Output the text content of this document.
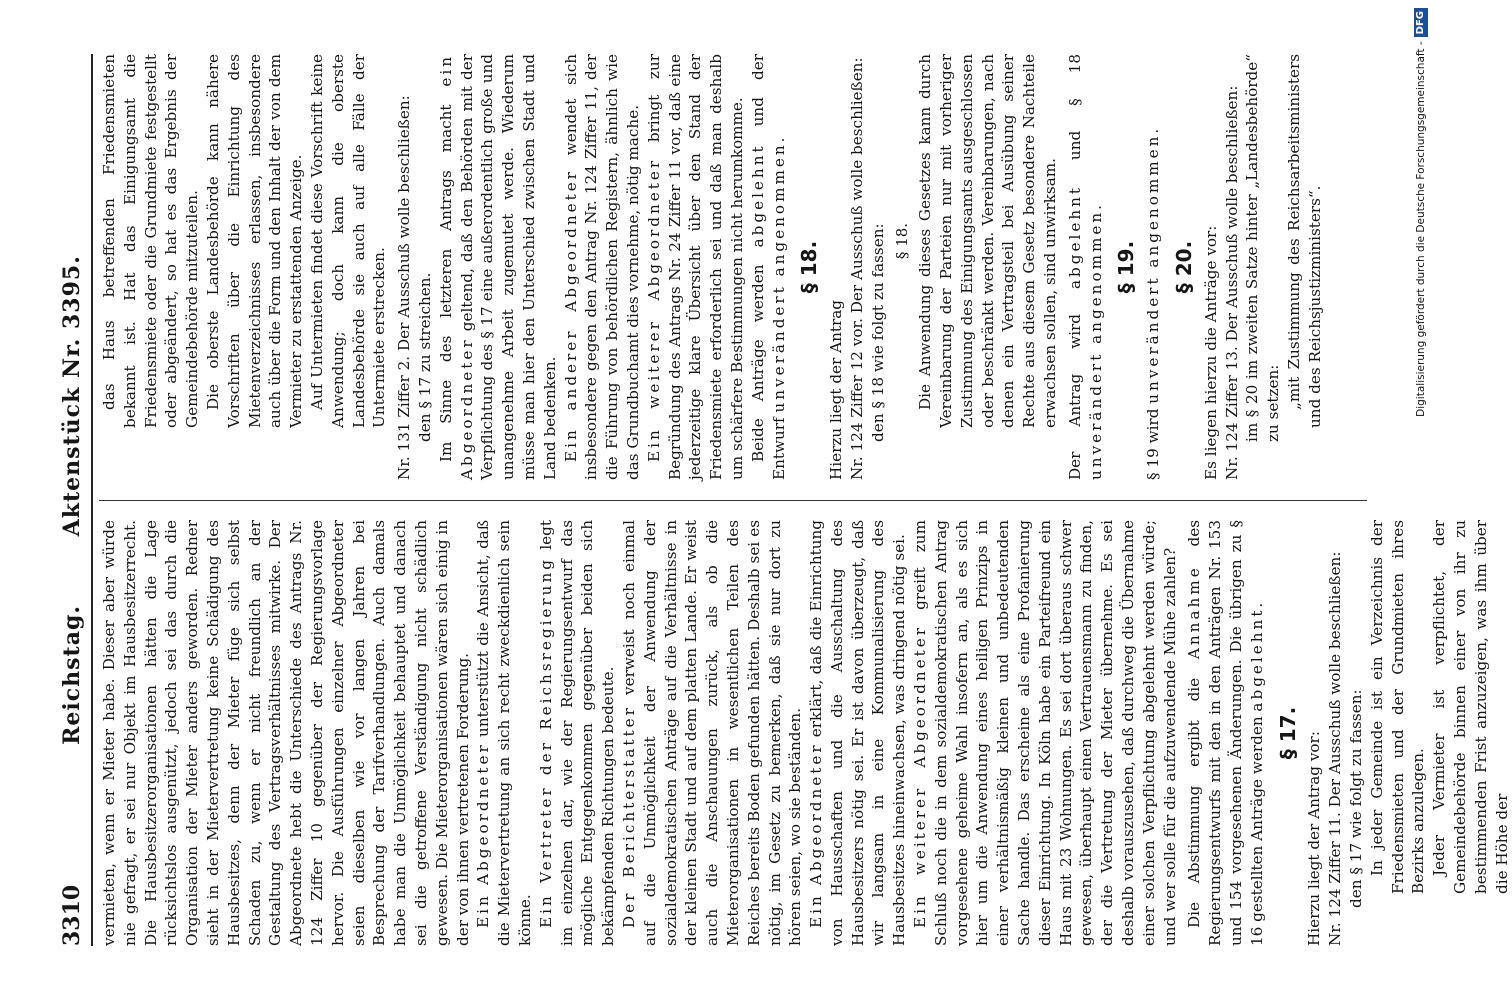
3310
Reichstag. Aktenstück Nr. 3395.

vermieten, wenn er Mieter habe. Dieser aber würde nie gefragt, er sei nur Objekt im Hausbesitzerrecht. Die Hausbesitzerorganisationen hätten die Lage rücksichtslos ausgenützt, jedoch sei das durch die Organisation der Mieter anders geworden. Redner sieht in der Mietervertretung keine Schädigung des Hausbesitzes, denn der Mieter füge sich selbst Schaden zu, wenn er nicht freundlich an der Gestaltung des Vertragsverhältnisses mitwirke. Der Abgeordnete hebt die Unterschiede des Antrags Nr. 124 Ziffer 10 gegenüber der Regierungsvorlage hervor. Die Ausführungen einzelner Abgeordneter seien dieselben wie vor langen Jahren bei Besprechung der Tarifverhandlungen. Auch damals habe man die Unmöglichkeit behauptet und danach sei die getroffene Verständigung nicht schädlich gewesen. Die Mieterorganisationen wären sich einig in der von ihnen vertretenen Forderung. Ein Abgeordneter unterstützt die Ansicht, daß die Mietervertretung an sich recht zweckdienlich sein könne. Ein Vertreter der Reichsregierung legt im einzelnen dar, wie der Regierungsentwurf das mögliche Entgegenkommen gegenüber beiden sich bekämpfenden Richtungen bedeute. Der Berichterstatter verweist noch einmal auf die Unmöglichkeit der Anwendung der sozialdemokratischen Anträge auf die Verhältnisse in der kleinen Stadt und auf dem platten Lande. Er weist auch die Anschauungen zurück, als ob die Mieterorganisationen in wesentlichen Teilen des Reiches bereits Boden gefunden hätten. Deshalb sei es nötig, im Gesetz zu bemerken, daß sie nur dort zu hören seien, wo sie beständen. Ein Abgeordneter erklärt, daß die Einrichtung von Hausschaften und die Ausschaltung des Hausbesitzers nötig sei. Er ist davon überzeugt, daß wir langsam in eine Kommunalisierung des Hausbesitzes hineinwachsen, was dringend nötig sei. Ein weiterer Abgeordneter greift zum Schluß noch die in dem sozialdemokratischen Antrag vorgesehene geheime Wahl insofern an, als es sich hier um die Anwendung eines heiligen Prinzips in einer verhältnismäßig kleinen und unbedeutenden Sache handle. Das erscheine als eine Profanierung dieser Einrichtung. In Köln habe ein Parteifreund ein Haus mit 23 Wohnungen. Es sei dort überaus schwer gewesen, überhaupt einen Vertrauensmann zu finden, der die Vertretung der Mieter übernehme. Es sei deshalb vorauszusehen, daß durchweg die Übernahme einer solchen Verpflichtung abgelehnt werden würde; und wer solle für die aufzuwendende Mühe zahlen? Die Abstimmung ergibt die Annahme des Regierungsentwurfs mit den in den Anträgen Nr. 153 und 154 vorgesehenen Änderungen. Die übrigen zu § 16 gestellten Anträge werden abgelehnt.

§ 17. Hierzu liegt der Antrag vor: Nr. 124 Ziffer 11. Der Ausschuß wolle beschließen: den § 17 wie folgt zu fassen: In jeder Gemeinde ist ein Verzeichnis der Friedensmieten und der Grundmieten ihres Bezirks anzulegen. Jeder Vermieter ist verpflichtet, der Gemeindebehörde binnen einer von ihr zu bestimmenden Frist anzuzeigen, was ihm über die Höhe der

das Haus betreffenden Friedensmieten bekannt ist. Hat das Einigungsamt die Friedensmiete oder die Grundmiete festgestellt oder abgeändert, so hat es das Ergebnis der Gemeindebehörde mitzuteilen. Die oberste Landesbehörde kann nähere Vorschriften über die Einrichtung des Mietenverzeichnisses erlassen, insbesondere auch über die Form und den Inhalt der von dem Vermieter zu erstattenden Anzeige. Auf Untermieten findet diese Vorschrift keine Anwendung; doch kann die oberste Landesbehörde sie auch auf alle Fälle der Untermiete erstrecken. Nr. 131 Ziffer 2. Der Ausschuß wolle beschließen: den § 17 zu streichen. Im Sinne des letzteren Antrags macht ein Abgeordneter geltend, daß den Behörden mit der Verpflichtung des § 17 eine außerordentlich große und unangenehme Arbeit zugemutet werde. Wiederum müsse man hier den Unterschied zwischen Stadt und Land bedenken. Ein anderer Abgeordneter wendet sich insbesondere gegen den Antrag Nr. 124 Ziffer 11, der die Führung von behördlichen Registern, ähnlich wie das Grundbuchamt dies vornehme, nötig mache. Ein weiterer Abgeordneter bringt zur Begründung des Antrags Nr. 24 Ziffer 11 vor, daß eine jederzeitige klare Übersicht über den Stand der Friedensmiete erforderlich sei und daß man deshalb um schärfere Bestimmungen nicht herumkomme. Beide Anträge werden abgelehnt und der Entwurf unverändert angenommen.

§ 18.

Hierzu liegt der Antrag Nr. 124 Ziffer 12 vor. Der Ausschuß wolle beschließen: den § 18 wie folgt zu fassen: § 18. Die Anwendung dieses Gesetzes kann durch Vereinbarung der Parteien nur mit vorheriger Zustimmung des Einigungsamts ausgeschlossen oder beschränkt werden. Vereinbarungen, nach denen ein Vertragsteil bei Ausübung seiner Rechte aus diesem Gesetz besondere Nachteile erwachsen sollen, sind unwirksam. Der Antrag wird abgelehnt und § 18 unverändert angenommen.

§ 19.

§ 19 wird unverändert angenommen.

§ 20. Es liegen hierzu die Anträge vor: Nr. 124 Ziffer 13. Der Ausschuß wolle beschließen: im § 20 im zweiten Satze hinter „Landesbehörde“ zu setzen: „mit Zustimmung des Reichsarbeitsministers und des Reichsjustizministers“.	Digitalisierung gefördert durch die Deutsche Forschungsgemeinschaft -
DFG
